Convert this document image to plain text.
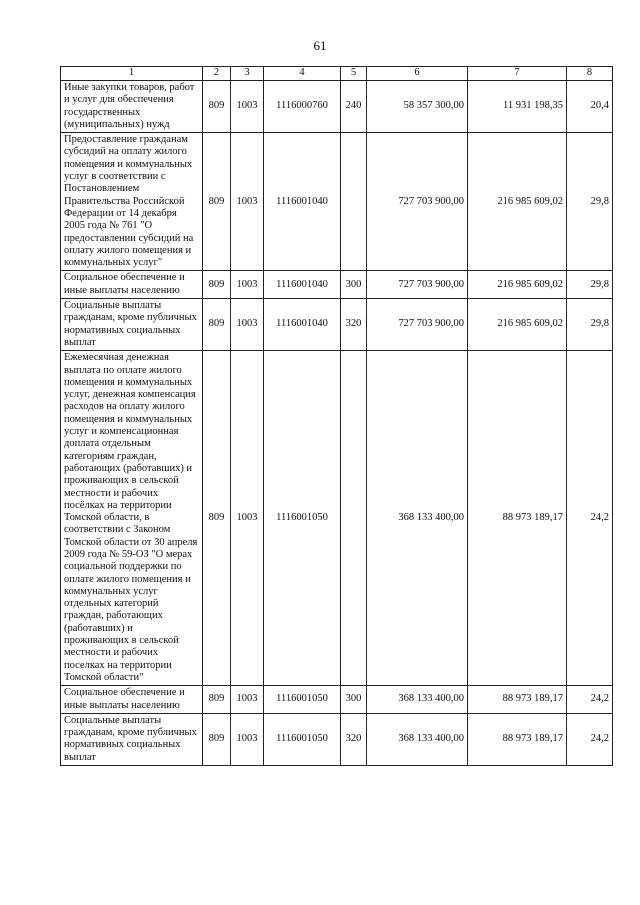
61
1	2	3	4	5	6	7	8
Иные закупки товаров, работ и услуг для обеспечения государственных (муниципальных) нужд	809	1003	1116000760	240	58 357 300,00	11 931 198,35	20,4
Предоставление гражданам субсидий на оплату жилого помещения и коммунальных услуг в соответствии с Постановлением Правительства Российской Федерации от 14 декабря 2005 года № 761 "О предоставлении субсидий на оплату жилого помещения и коммунальных услуг"	809	1003	1116001040		727 703 900,00	216 985 609,02	29,8
Социальное обеспечение и иные выплаты населению	809	1003	1116001040	300	727 703 900,00	216 985 609,02	29,8
Социальные выплаты гражданам, кроме публичных нормативных социальных выплат	809	1003	1116001040	320	727 703 900,00	216 985 609,02	29,8
Ежемесячная денежная выплата по оплате жилого помещения и коммунальных услуг, денежная компенсация расходов на оплату жилого помещения и коммунальных услуг и компенсационная доплата отдельным категориям граждан, работающих (работавших) и проживающих в сельской местности и рабочих посёлках на территории Томской области, в соответствии с Законом Томской области от 30 апреля 2009 года № 59-ОЗ "О мерах социальной поддержки по оплате жилого помещения и коммунальных услуг отдельных категорий граждан, работающих (работавших) и проживающих в сельской местности и рабочих поселках на территории Томской области"	809	1003	1116001050		368 133 400,00	88 973 189,17	24,2
Социальное обеспечение и иные выплаты населению	809	1003	1116001050	300	368 133 400,00	88 973 189,17	24,2
Социальные выплаты гражданам, кроме публичных нормативных социальных выплат	809	1003	1116001050	320	368 133 400,00	88 973 189,17	24,2
